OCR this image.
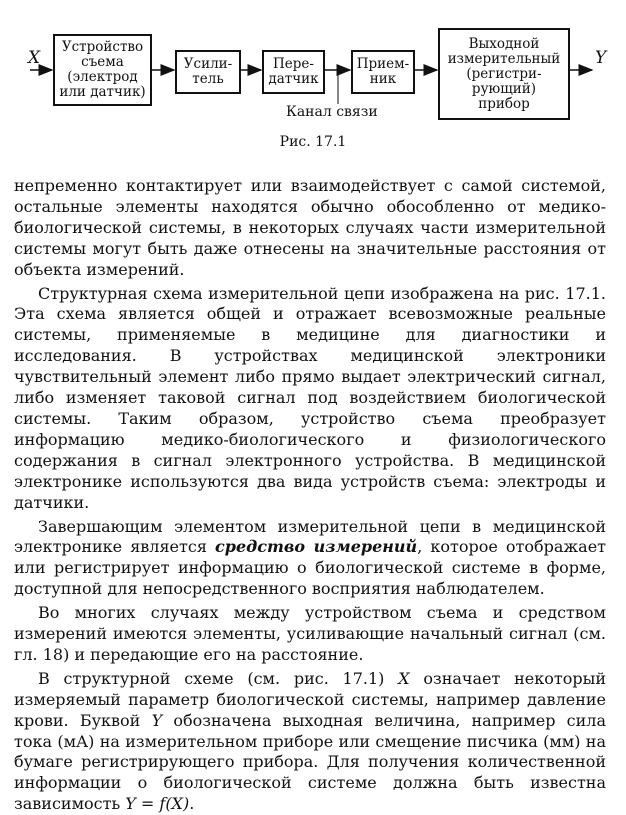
X	Y
Устройство
съема
(электрод
или датчик)
Усили-
тель
Пере-
датчик
Прием-
ник
Выходной
измерительный
(регистри-
рующий)
прибор
Канал связи
Рис. 17.1

непременно контактирует или взаимодействует с самой системой, остальные элементы находятся обычно обособленно от медико-биологической системы, в некоторых случаях части измерительной системы могут быть даже отнесены на значительные расстояния от объекта измерений.

Структурная схема измерительной цепи изображена на рис. 17.1. Эта схема является общей и отражает всевозможные реальные системы, применяемые в медицине для диагностики и исследования. В устройствах медицинской электроники чувствительный элемент либо прямо выдает электрический сигнал, либо изменяет таковой сигнал под воздействием биологической системы. Таким образом, устройство съема преобразует информацию медико-биологического и физиологического содержания в сигнал электронного устройства. В медицинской электронике используются два вида устройств съема: электроды и датчики.

Завершающим элементом измерительной цепи в медицинской электронике является средство измерений, которое отображает или регистрирует информацию о биологической системе в форме, доступной для непосредственного восприятия наблюдателем.

Во многих случаях между устройством съема и средством измерений имеются элементы, усиливающие начальный сигнал (см. гл. 18) и передающие его на расстояние.

В структурной схеме (см. рис. 17.1) X означает некоторый измеряемый параметр биологической системы, например давление крови. Буквой Y обозначена выходная величина, например сила тока (мА) на измерительном приборе или смещение писчика (мм) на бумаге регистрирующего прибора. Для получения количественной информации о биологической системе должна быть известна зависимость Y = f(X).
